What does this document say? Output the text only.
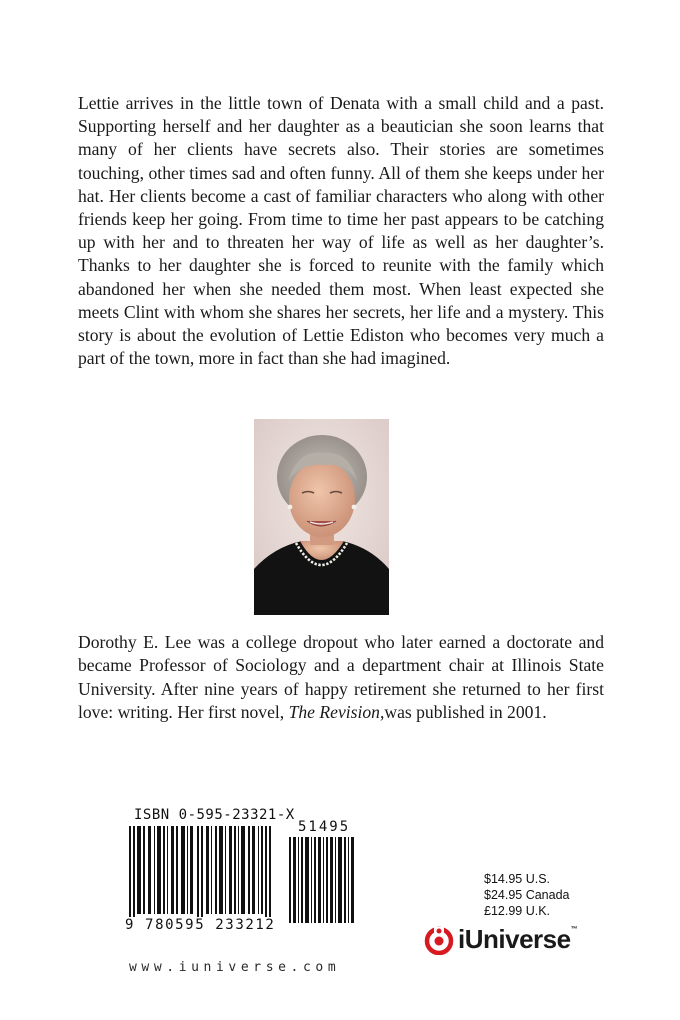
Lettie arrives in the little town of Denata with a small child and a past. Supporting herself and her daughter as a beautician she soon learns that many of her clients have secrets also. Their stories are sometimes touching, other times sad and often funny. All of them she keeps under her hat. Her clients become a cast of familiar characters who along with other friends keep her going. From time to time her past appears to be catching up with her and to threaten her way of life as well as her daughter’s. Thanks to her daughter she is forced to reunite with the family which abandoned her when she needed them most. When least expected she meets Clint with whom she shares her secrets, her life and a mystery. This story is about the evolution of Lettie Ediston who becomes very much a part of the town, more in fact than she had imagined.
Dorothy E. Lee was a college dropout who later earned a doctorate and became Professor of Sociology and a department chair at Illinois State University. After nine years of happy retirement she returned to her first love: writing. Her first novel, The Revision,was published in 2001.
ISBN 0-595-23321-X
51495
9 780595 233212
$14.95 U.S.
$24.95 Canada
£12.99 U.K.
iUniverse™
www.iuniverse.com
